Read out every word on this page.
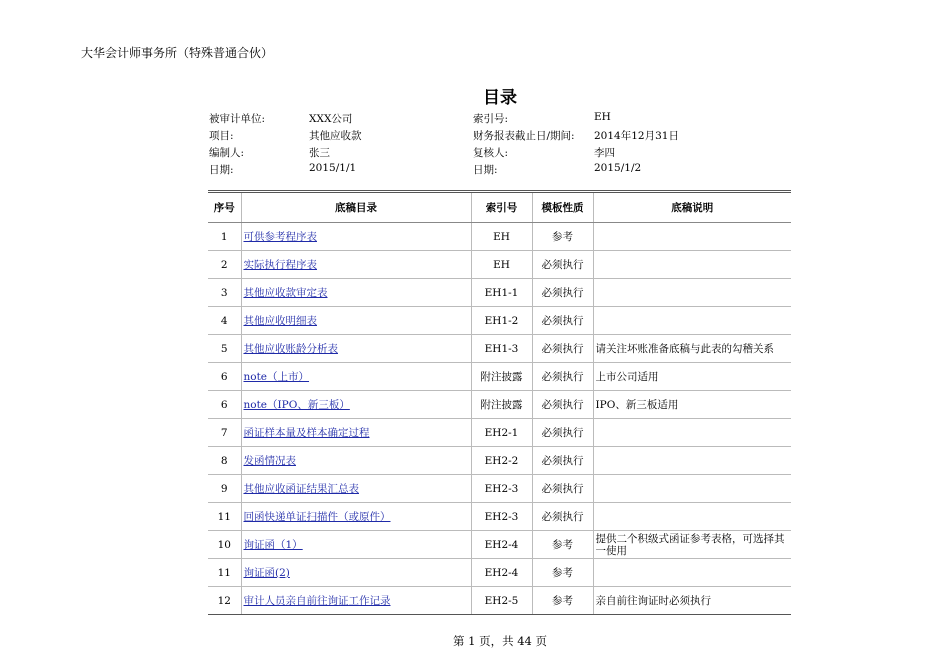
大华会计师事务所（特殊普通合伙）
目录
被审计单位:	XXX公司	索引号:	EH
项目:	其他应收款	财务报表截止日/期间: 2014年12月31日
编制人:	张三	复核人:	李四
日期:	2015/1/1	日期:	2015/1/2
序号	底稿目录	索引号	模板性质	底稿说明
1	可供参考程序表	EH	参考	
2	实际执行程序表	EH	必须执行	
3	其他应收款审定表	EH1-1	必须执行	
4	其他应收明细表	EH1-2	必须执行	
5	其他应收账龄分析表	EH1-3	必须执行	请关注坏账准备底稿与此表的勾稽关系
6	note（上市）	附注披露	必须执行	上市公司适用
6	note（IPO、新三板）	附注披露	必须执行	IPO、新三板适用
7	函证样本量及样本确定过程	EH2-1	必须执行	
8	发函情况表	EH2-2	必须执行	
9	其他应收函证结果汇总表	EH2-3	必须执行	
11	回函快递单证扫描件（或原件）	EH2-3	必须执行	
10	询证函（1）	EH2-4	参考	提供二个积级式函证参考表格，可选择其一使用
11	询证函(2)	EH2-4	参考	
12	审计人员亲自前往询证工作记录	EH2-5	参考	亲自前往询证时必须执行
第 1 页，共 44 页
